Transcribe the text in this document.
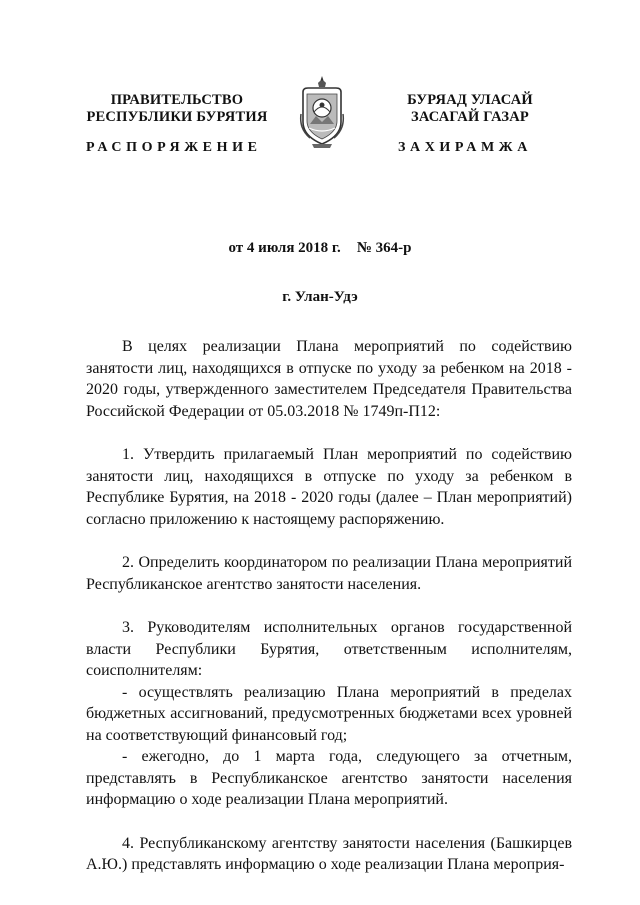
ПРАВИТЕЛЬСТВО
РЕСПУБЛИКИ БУРЯТИЯ
БУРЯАД УЛАСАЙ
ЗАСАГАЙ ГАЗАР
РАСПОРЯЖЕНИЕ	ЗАХИРАМЖА
от 4 июля 2018 г. № 364-р
г. Улан-Удэ

В целях реализации Плана мероприятий по содействию занятости лиц, находящихся в отпуске по уходу за ребенком на 2018 - 2020 годы, утвержденного заместителем Председателя Правительства Российской Федерации от 05.03.2018 № 1749п-П12:

1. Утвердить прилагаемый План мероприятий по содействию занятости лиц, находящихся в отпуске по уходу за ребенком в Республике Бурятия, на 2018 - 2020 годы (далее – План мероприятий) согласно приложению к настоящему распоряжению.

2. Определить координатором по реализации Плана мероприятий Республиканское агентство занятости населения.

3. Руководителям исполнительных органов государственной власти Республики Бурятия, ответственным исполнителям, соисполнителям:

- осуществлять реализацию Плана мероприятий в пределах бюджетных ассигнований, предусмотренных бюджетами всех уровней на соответствующий финансовый год;

- ежегодно, до 1 марта года, следующего за отчетным, представлять в Республиканское агентство занятости населения информацию о ходе реализации Плана мероприятий.

4. Республиканскому агентству занятости населения (Башкирцев А.Ю.) представлять информацию о ходе реализации Плана мероприя-
